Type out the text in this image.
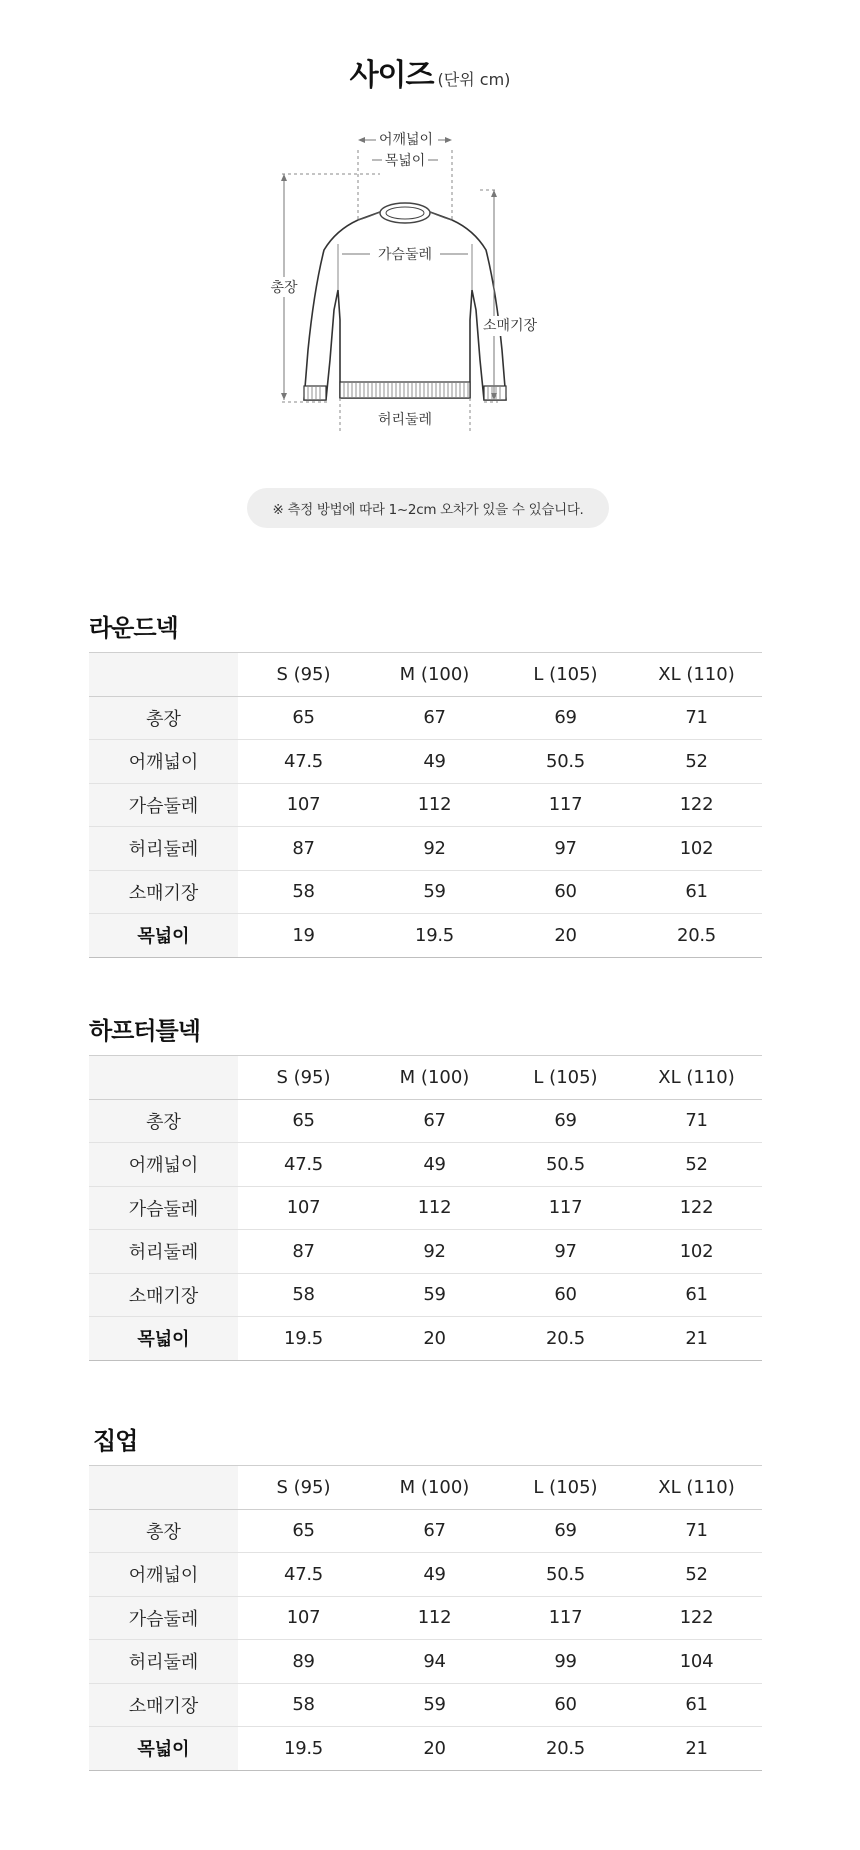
사이즈 (단위 cm)
어깨넓이
목넓이
총장
가슴둘레
소매기장
허리둘레
※ 측정 방법에 따라 1~2cm 오차가 있을 수 있습니다.
라운드넥
	S (95)	M (100)	L (105)	XL (110)
총장	65	67	69	71
어깨넓이	47.5	49	50.5	52
가슴둘레	107	112	117	122
허리둘레	87	92	97	102
소매기장	58	59	60	61
목넓이	19	19.5	20	20.5
하프터틀넥
	S (95)	M (100)	L (105)	XL (110)
총장	65	67	69	71
어깨넓이	47.5	49	50.5	52
가슴둘레	107	112	117	122
허리둘레	87	92	97	102
소매기장	58	59	60	61
목넓이	19.5	20	20.5	21
집업
	S (95)	M (100)	L (105)	XL (110)
총장	65	67	69	71
어깨넓이	47.5	49	50.5	52
가슴둘레	107	112	117	122
허리둘레	89	94	99	104
소매기장	58	59	60	61
목넓이	19.5	20	20.5	21
